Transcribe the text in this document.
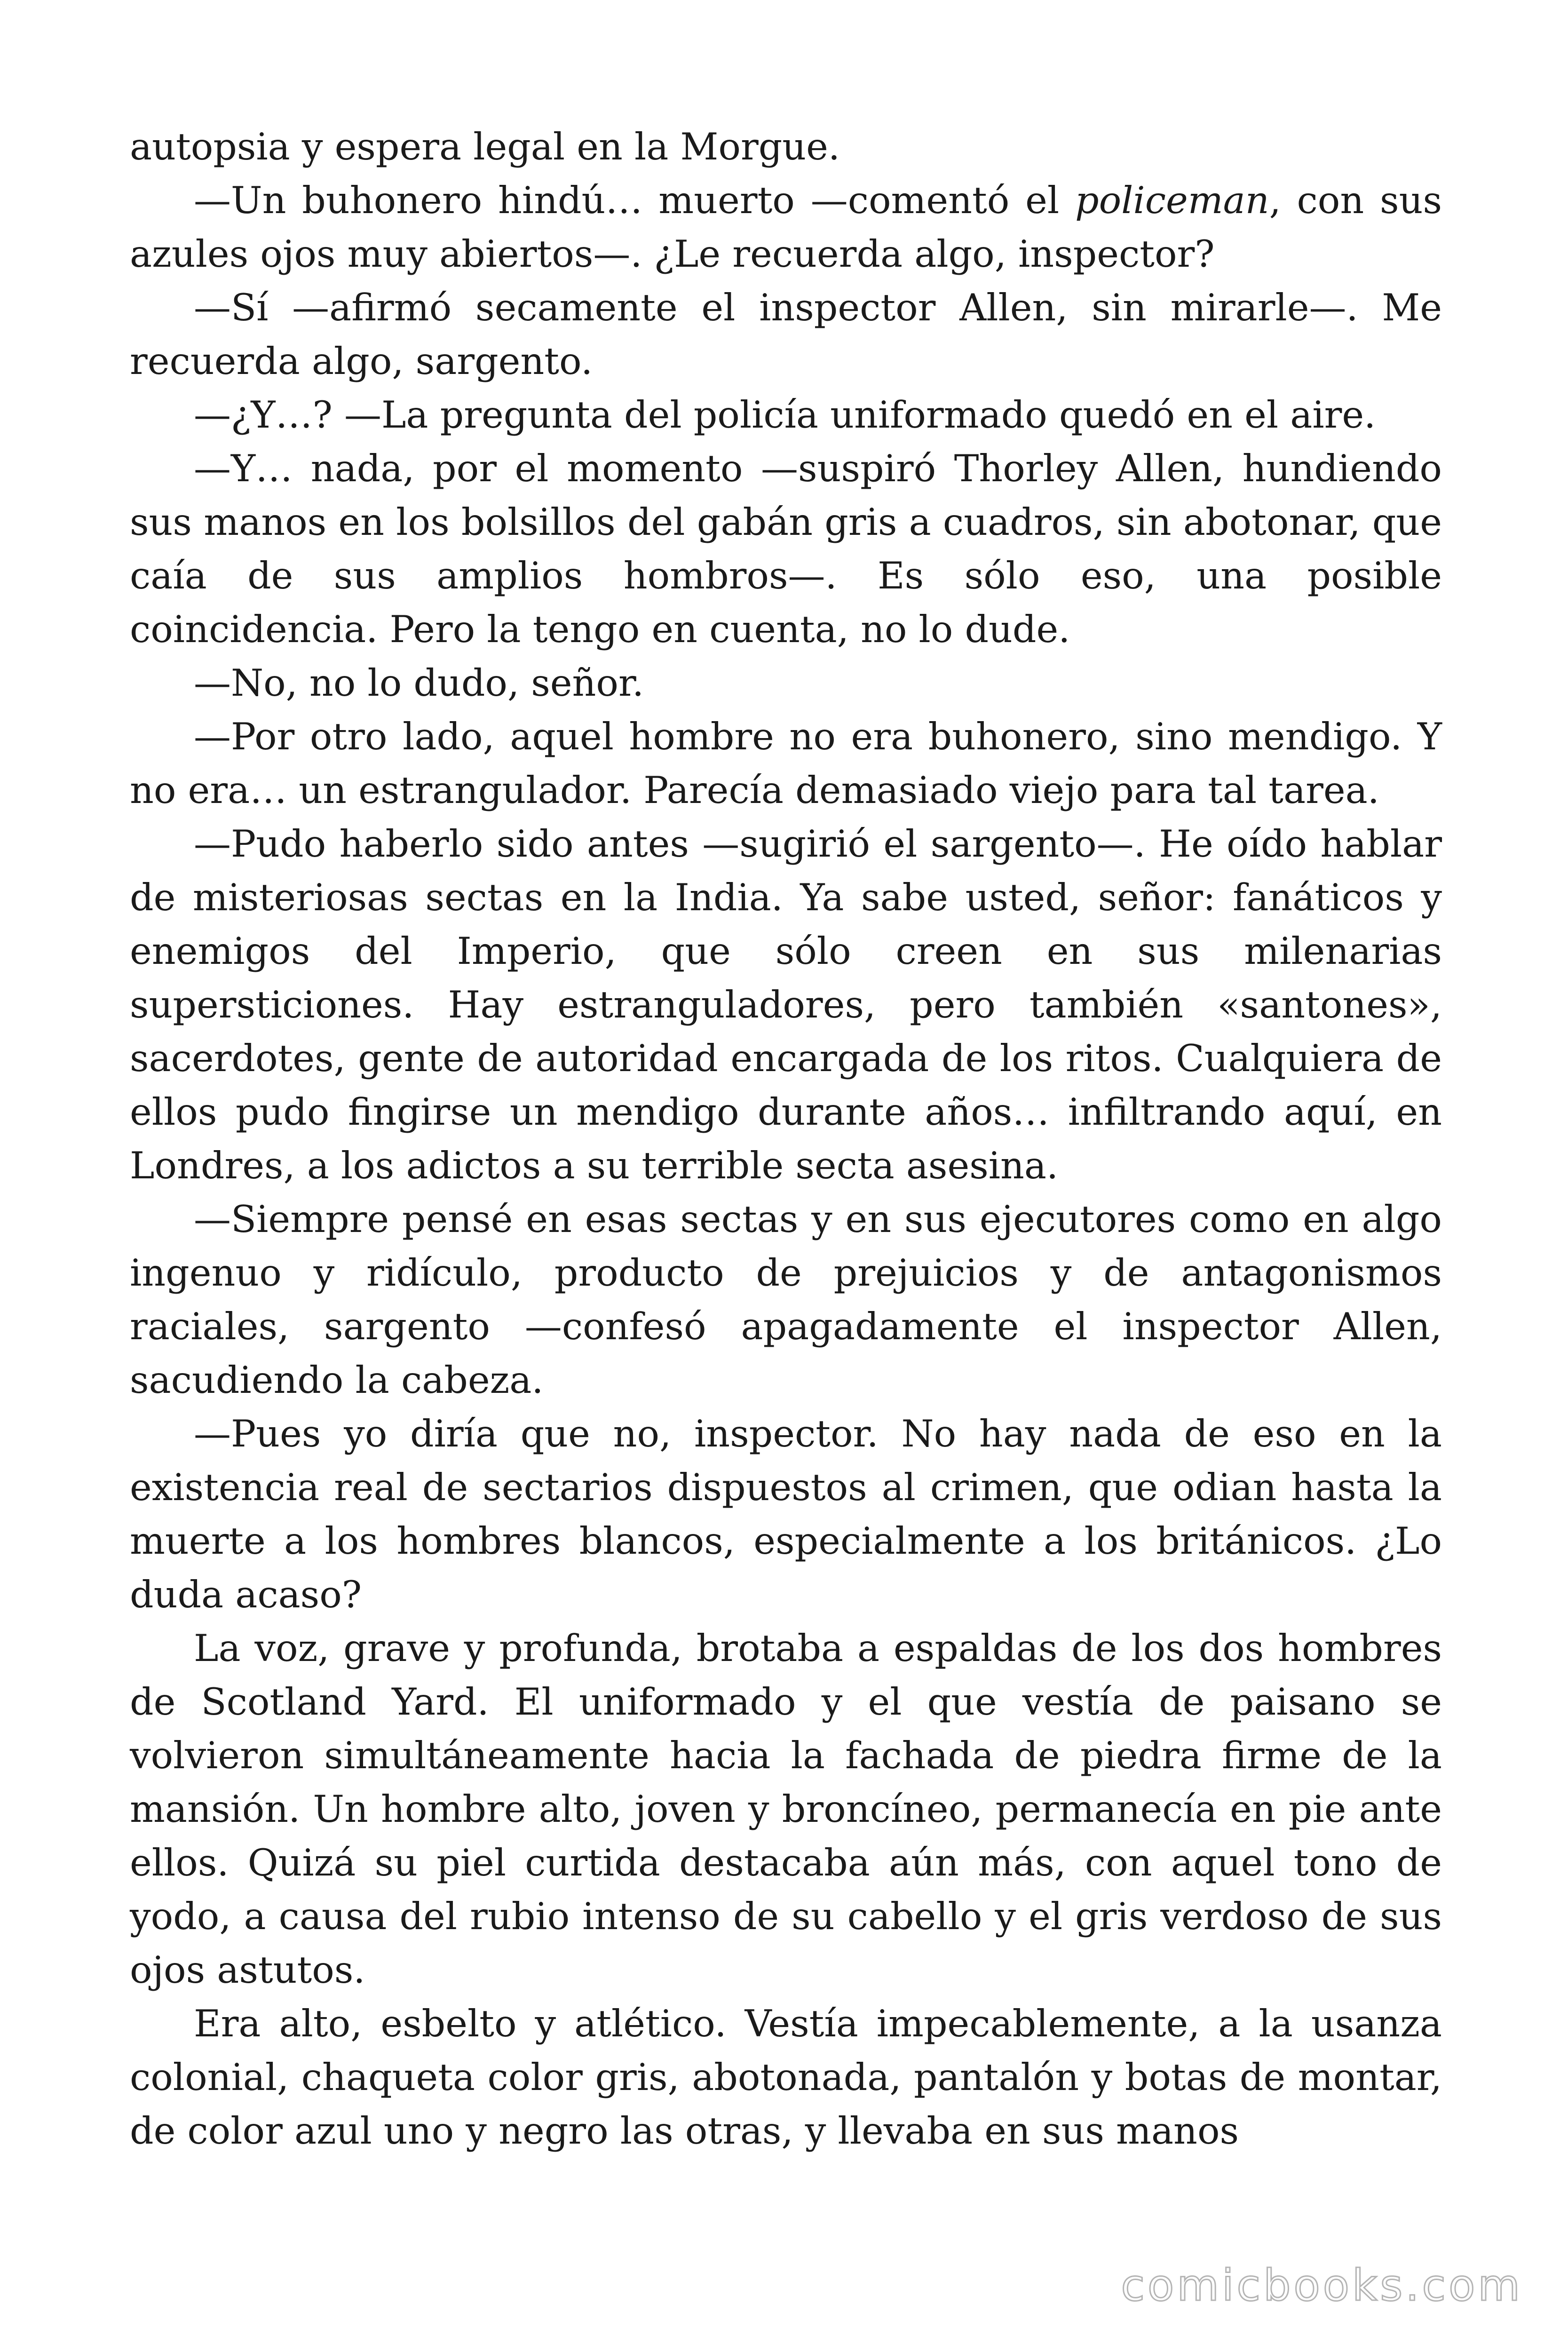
autopsia y espera legal en la Morgue.

—Un buhonero hindú… muerto —comentó el policeman, con sus azules ojos muy abiertos—. ¿Le recuerda algo, inspector?

—Sí —afirmó secamente el inspector Allen, sin mirarle—. Me recuerda algo, sargento.

—¿Y…? —La pregunta del policía uniformado quedó en el aire.

—Y… nada, por el momento —suspiró Thorley Allen, hundiendo sus manos en los bolsillos del gabán gris a cuadros, sin abotonar, que caía de sus amplios hombros—. Es sólo eso, una posible coincidencia. Pero la tengo en cuenta, no lo dude.

—No, no lo dudo, señor.

—Por otro lado, aquel hombre no era buhonero, sino mendigo. Y no era… un estrangulador. Parecía demasiado viejo para tal tarea.

—Pudo haberlo sido antes —sugirió el sargento—. He oído hablar de misteriosas sectas en la India. Ya sabe usted, señor: fanáticos y enemigos del Imperio, que sólo creen en sus milenarias supersticiones. Hay estranguladores, pero también «santones», sacerdotes, gente de autoridad encargada de los ritos. Cualquiera de ellos pudo fingirse un mendigo durante años… infiltrando aquí, en Londres, a los adictos a su terrible secta asesina.

—Siempre pensé en esas sectas y en sus ejecutores como en algo ingenuo y ridículo, producto de prejuicios y de antagonismos raciales, sargento —confesó apagadamente el inspector Allen, sacudiendo la cabeza.

—Pues yo diría que no, inspector. No hay nada de eso en la existencia real de sectarios dispuestos al crimen, que odian hasta la muerte a los hombres blancos, especialmente a los británicos. ¿Lo duda acaso?

La voz, grave y profunda, brotaba a espaldas de los dos hombres de Scotland Yard. El uniformado y el que vestía de paisano se volvieron simultáneamente hacia la fachada de piedra firme de la mansión. Un hombre alto, joven y broncíneo, permanecía en pie ante ellos. Quizá su piel curtida destacaba aún más, con aquel tono de yodo, a causa del rubio intenso de su cabello y el gris verdoso de sus ojos astutos.

Era alto, esbelto y atlético. Vestía impecablemente, a la usanza colonial, chaqueta color gris, abotonada, pantalón y botas de montar, de color azul uno y negro las otras, y llevaba en sus manos

comicbooks.com
